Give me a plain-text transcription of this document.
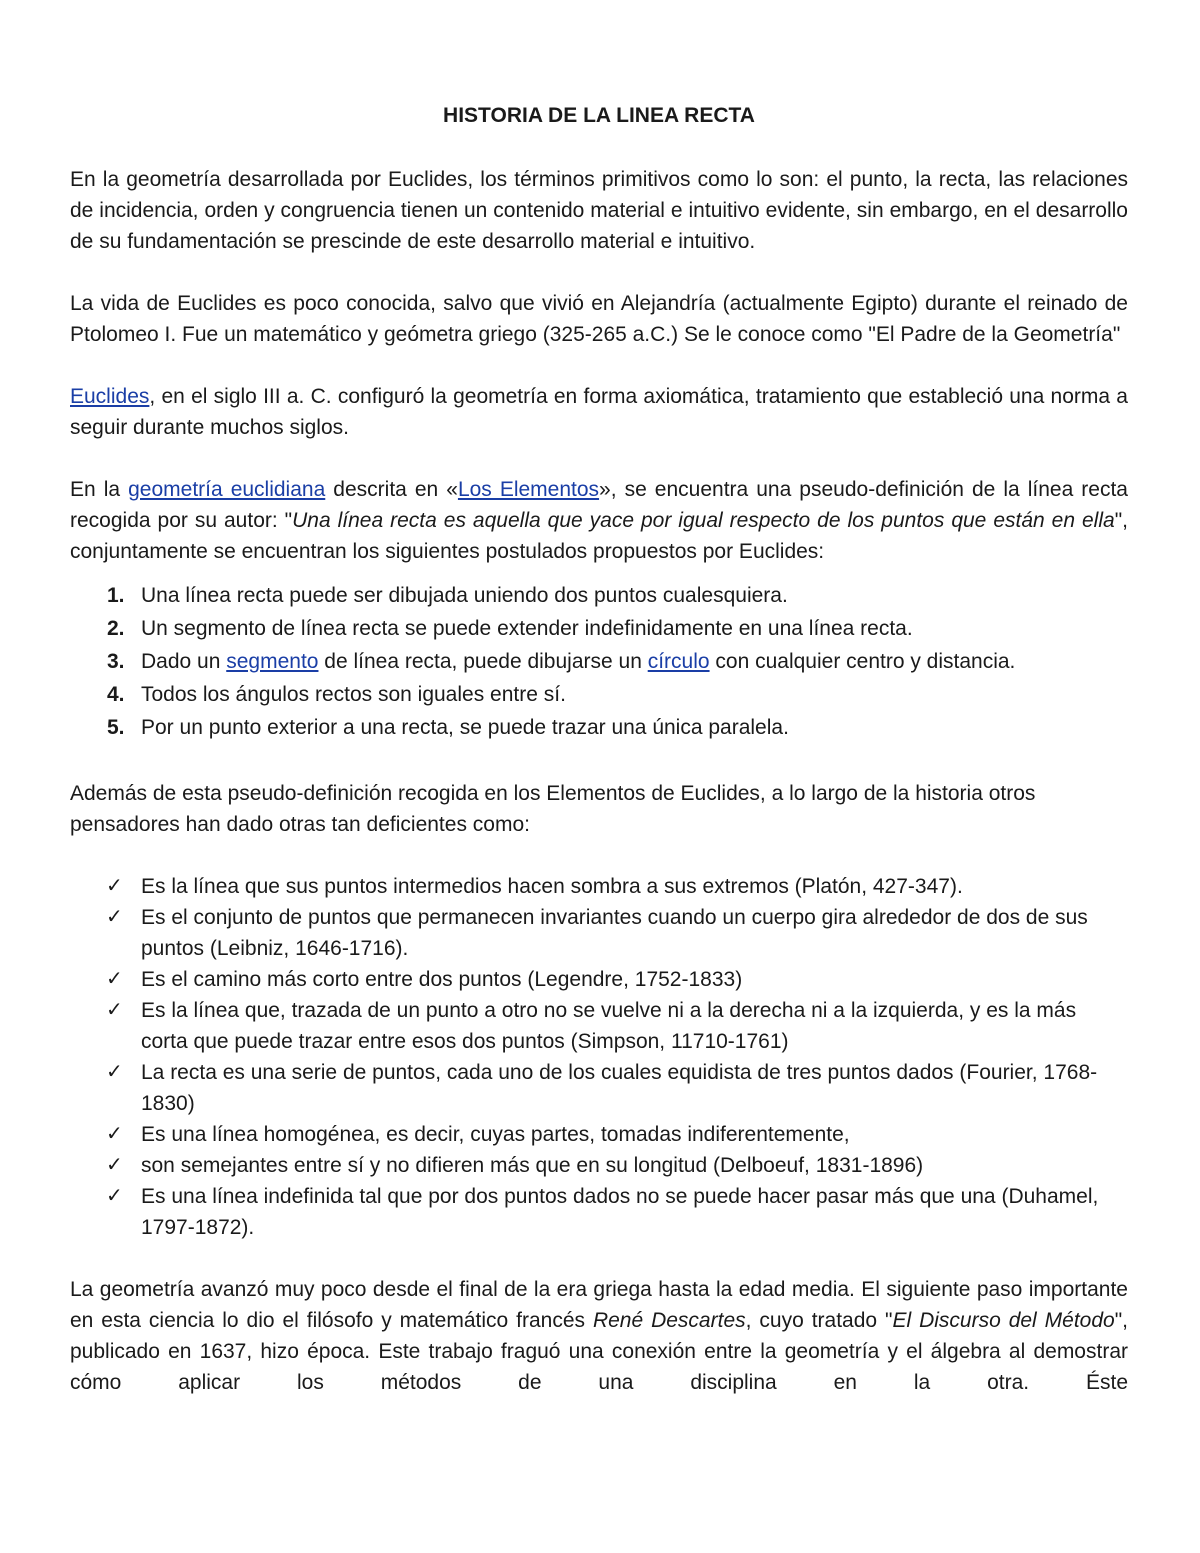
HISTORIA DE LA LINEA RECTA

En la geometría desarrollada por Euclides, los términos primitivos como lo son: el punto, la recta, las relaciones de incidencia, orden y congruencia tienen un contenido material e intuitivo evidente, sin embargo, en el desarrollo de su fundamentación se prescinde de este desarrollo material e intuitivo.

La vida de Euclides es poco conocida, salvo que vivió en Alejandría (actualmente Egipto) durante el reinado de Ptolomeo I. Fue un matemático y geómetra griego (325-265 a.C.) Se le conoce como "El Padre de la Geometría"

Euclides, en el siglo III a. C. configuró la geometría en forma axiomática, tratamiento que estableció una norma a seguir durante muchos siglos.

En la geometría euclidiana descrita en «Los Elementos», se encuentra una pseudo-definición de la línea recta recogida por su autor: "Una línea recta es aquella que yace por igual respecto de los puntos que están en ella", conjuntamente se encuentran los siguientes postulados propuestos por Euclides:

1. Una línea recta puede ser dibujada uniendo dos puntos cualesquiera.
2. Un segmento de línea recta se puede extender indefinidamente en una línea recta.
3. Dado un segmento de línea recta, puede dibujarse un círculo con cualquier centro y distancia.
4. Todos los ángulos rectos son iguales entre sí.
5. Por un punto exterior a una recta, se puede trazar una única paralela.

Además de esta pseudo-definición recogida en los Elementos de Euclides, a lo largo de la historia otros pensadores han dado otras tan deficientes como:

✓ Es la línea que sus puntos intermedios hacen sombra a sus extremos (Platón, 427-347).
✓ Es el conjunto de puntos que permanecen invariantes cuando un cuerpo gira alrededor de dos de sus puntos (Leibniz, 1646-1716).
✓ Es el camino más corto entre dos puntos (Legendre, 1752-1833)
✓ Es la línea que, trazada de un punto a otro no se vuelve ni a la derecha ni a la izquierda, y es la más corta que puede trazar entre esos dos puntos (Simpson, 11710-1761)
✓ La recta es una serie de puntos, cada uno de los cuales equidista de tres puntos dados (Fourier, 1768-1830)
✓ Es una línea homogénea, es decir, cuyas partes, tomadas indiferentemente,
✓ son semejantes entre sí y no difieren más que en su longitud (Delboeuf, 1831-1896)
✓ Es una línea indefinida tal que por dos puntos dados no se puede hacer pasar más que una (Duhamel, 1797-1872).

La geometría avanzó muy poco desde el final de la era griega hasta la edad media. El siguiente paso importante en esta ciencia lo dio el filósofo y matemático francés René Descartes, cuyo tratado "El Discurso del Método", publicado en 1637, hizo época. Este trabajo fraguó una conexión entre la geometría y el álgebra al demostrar cómo aplicar los métodos de una disciplina en la otra. Éste
